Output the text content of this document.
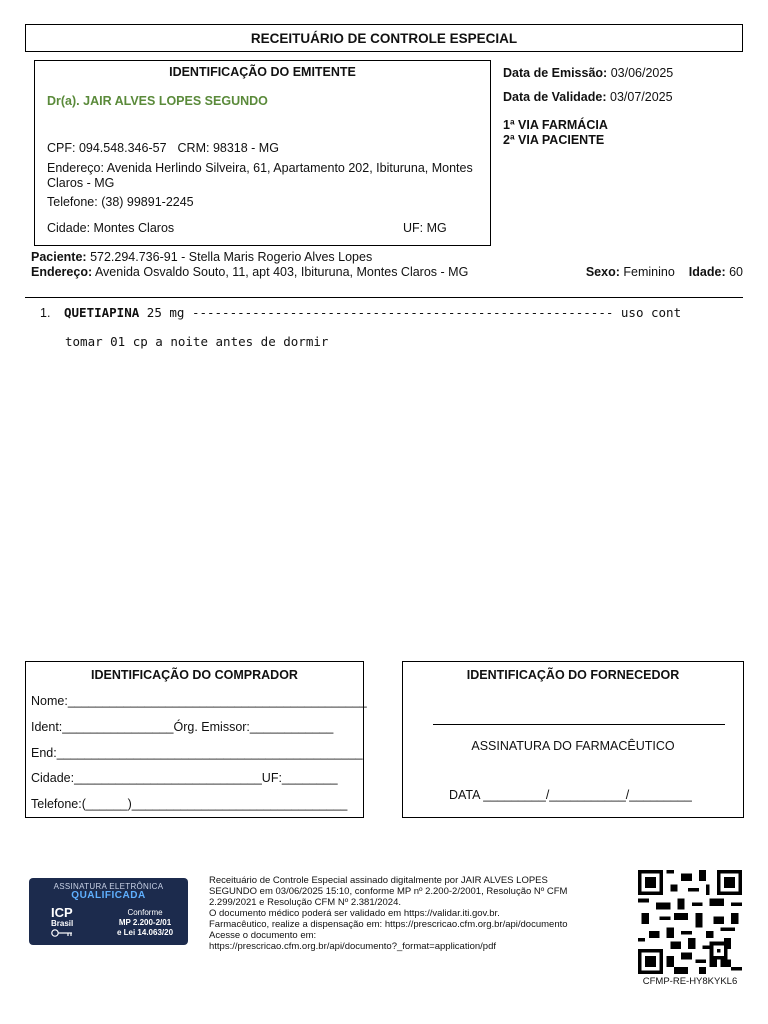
RECEITUÁRIO DE CONTROLE ESPECIAL
IDENTIFICAÇÃO DO EMITENTE
Dr(a). JAIR ALVES LOPES SEGUNDO
CPF: 094.548.346-57 CRM: 98318 - MG
Endereço: Avenida Herlindo Silveira, 61, Apartamento 202, Ibituruna, Montes Claros - MG
Telefone: (38) 99891-2245
Cidade: Montes Claros	UF: MG
Data de Emissão: 03/06/2025
Data de Validade: 03/07/2025
1ª VIA FARMÁCIA
2ª VIA PACIENTE
Paciente: 572.294.736-91 - Stella Maris Rogerio Alves Lopes
Endereço: Avenida Osvaldo Souto, 11, apt 403, Ibituruna, Montes Claros - MG	Sexo: Feminino Idade: 60
1. QUETIAPINA 25 mg -------------------------------------------------------- uso cont
tomar 01 cp a noite antes de dormir
IDENTIFICAÇÃO DO COMPRADOR
Nome:___________________________________________
Ident:________________Órg. Emissor:____________
End:____________________________________________
Cidade:___________________________UF:________
Telefone:(______)_______________________________
IDENTIFICAÇÃO DO FORNECEDOR
ASSINATURA DO FARMACÊUTICO
DATA _________/___________/_________
ASSINATURA ELETRÔNICA
QUALIFICADA
ICP
Brasil
Conforme
MP 2.200-2/01
e Lei 14.063/20
Receituário de Controle Especial assinado digitalmente por JAIR ALVES LOPES
SEGUNDO em 03/06/2025 15:10, conforme MP nº 2.200-2/2001, Resolução Nº CFM
2.299/2021 e Resolução CFM Nº 2.381/2024.
O documento médico poderá ser validado em https://validar.iti.gov.br.
Farmacêutico, realize a dispensação em: https://prescricao.cfm.org.br/api/documento
Acesse o documento em:
https://prescricao.cfm.org.br/api/documento?_format=application/pdf
CFMP-RE-HY8KYKL6
